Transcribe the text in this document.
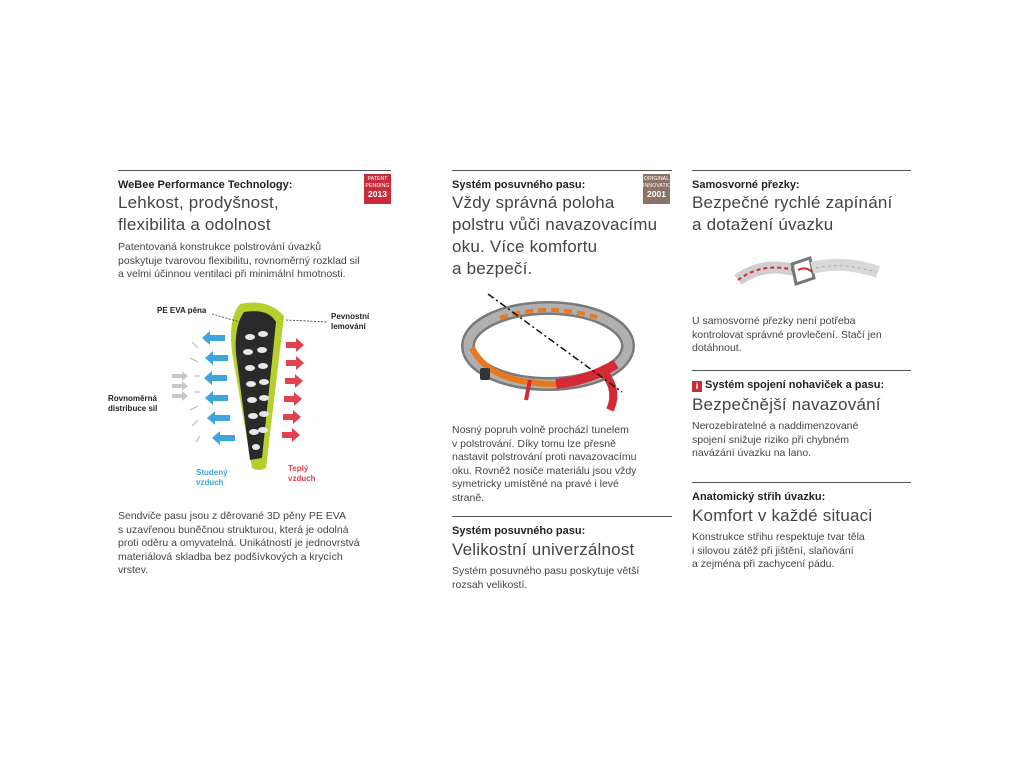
PATENT
PENDING
2013
WeBee Performance Technology:
Lehkost, prodyšnost,
flexibilita a odolnost
Patentovaná konstrukce polstrování úvazků
poskytuje tvarovou flexibilitu, rovnoměrný rozklad sil
a velmi účinnou ventilaci při minimální hmotnosti.
PE EVA pěna
Pevnostní
lemování
Rovnoměrná
distribuce sil
Studený
vzduch
Teplý
vzduch
Sendviče pasu jsou z děrované 3D pěny PE EVA
s uzavřenou buněčnou strukturou, která je odolná
proti oděru a omyvatelná. Unikátností je jednovrstvá
materiálová skladba bez podšívkových a krycích
vrstev.
ORIGINAL
INNOVATION
2001
Systém posuvného pasu:
Vždy správná poloha
polstru vůči navazovacímu
oku. Více komfortu
a bezpečí.
Nosný popruh volně prochází tunelem
v polstrování. Díky tomu lze přesně
nastavit polstrování proti navazovacímu
oku. Rovněž nosiče materiálu jsou vždy
symetricky umístěné na pravé i levé
straně.
Systém posuvného pasu:
Velikostní univerzálnost
Systém posuvného pasu poskytuje větší
rozsah velikostí.
Samosvorné přezky:
Bezpečné rychlé zapínání
a dotažení úvazku
U samosvorné přezky není potřeba
kontrolovat správné provlečení. Stačí jen
dotáhnout.
i Systém spojení nohaviček a pasu:
Bezpečnější navazování
Nerozebíratelné a naddimenzované
spojení snižuje riziko při chybném
navázání úvazku na lano.
Anatomický střih úvazku:
Komfort v každé situaci
Konstrukce střihu respektuje tvar těla
i silovou zátěž při jištění, slaňování
a zejména při zachycení pádu.
